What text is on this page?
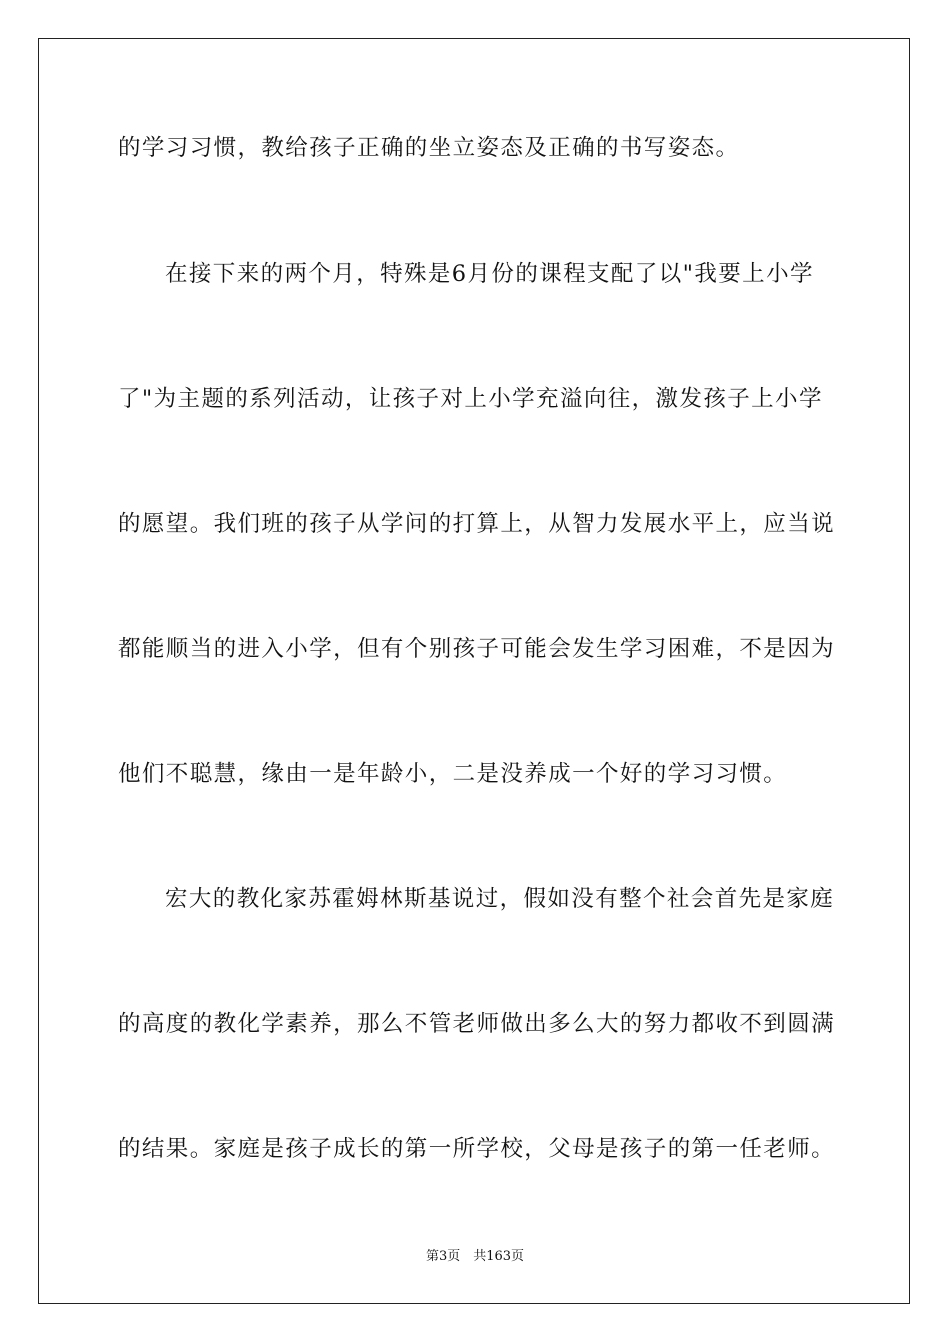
的学习习惯，教给孩子正确的坐立姿态及正确的书写姿态。
在接下来的两个月，特殊是6月份的课程支配了以"我要上小学
了"为主题的系列活动，让孩子对上小学充溢向往，激发孩子上小学
的愿望。我们班的孩子从学问的打算上，从智力发展水平上，应当说
都能顺当的进入小学，但有个别孩子可能会发生学习困难，不是因为
他们不聪慧，缘由一是年龄小，二是没养成一个好的学习习惯。
宏大的教化家苏霍姆林斯基说过，假如没有整个社会首先是家庭
的高度的教化学素养，那么不管老师做出多么大的努力都收不到圆满
的结果。家庭是孩子成长的第一所学校，父母是孩子的第一任老师。
第3页　共163页
